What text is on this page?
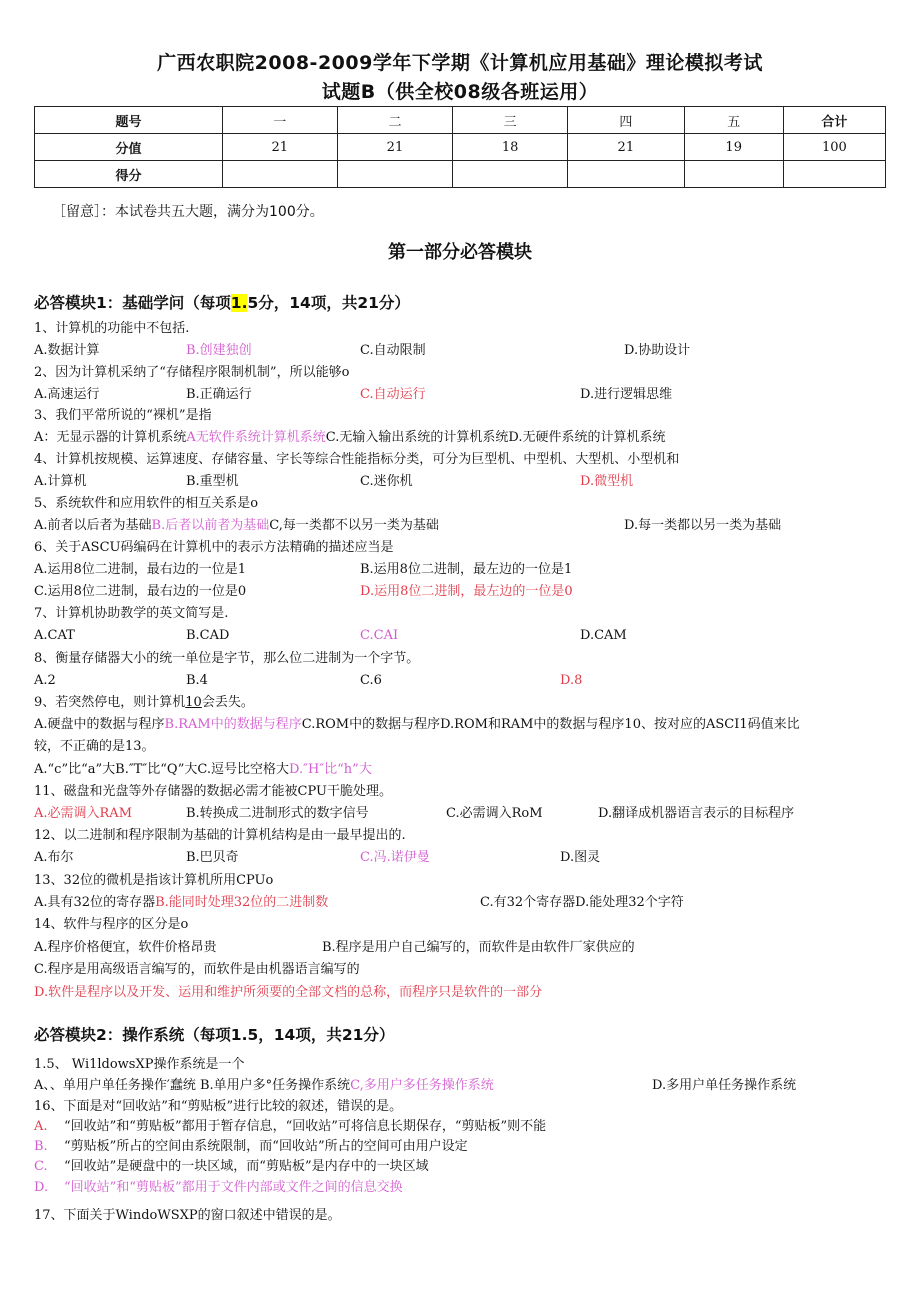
广西农职院2008-2009学年下学期《计算机应用基础》理论模拟考试
试题B（供全校08级各班运用）
题号	一	二	三	四	五	合计
分值	21	21	18	21	19	100
得分						
［留意］：本试卷共五大题，满分为100分。
第一部分必答模块
必答模块1：基础学问（每项1.5分，14项，共21分）
1、计算机的功能中不包括.
A.数据计算	B.创建独创	C.自动限制	D.协助设计
2、因为计算机采纳了“存储程序限制机制”，所以能够o
A.高速运行	B.正确运行	C.自动运行	D.进行逻辑思维
3、我们平常所说的“裸机”是指
A：无显示器的计算机系统A无软件系统计算机系统C.无输入输出系统的计算机系统D.无硬件系统的计算机系统
4、计算机按规模、运算速度、存储容量、字长等综合性能指标分类，可分为巨型机、中型机、大型机、小型机和
A.计算机	B.重型机	C.迷你机	D.微型机
5、系统软件和应用软件的相互关系是o
A.前者以后者为基础B.后者以前者为基础C,每一类都不以另一类为基础	D.每一类都以另一类为基础
6、关于ASCU码编码在计算机中的表示方法精确的描述应当是
A.运用8位二进制，最右边的一位是1	B.运用8位二进制，最左边的一位是1
C.运用8位二进制，最右边的一位是0	D.运用8位二进制，最左边的一位是0
7、计算机协助教学的英文简写是.
A.CAT	B.CAD	C.CAI	D.CAM
8、衡量存储器大小的统一单位是字节，那么位二进制为一个字节。
A.2	B.4	C.6	D.8
9、若突然停电，则计算机10会丢失。
A.硬盘中的数据与程序B.RAM中的数据与程序C.ROM中的数据与程序D.ROM和RAM中的数据与程序10、按对应的ASCI1码值来比
较，不正确的是13。
A.“c”比“a”大B.″T″比“Q”大C.逗号比空格大D.″H″比“h”大
11、磁盘和光盘等外存储器的数据必需才能被CPU干脆处理。
A.必需调入RAM	B.转换成二进制形式的数字信号	C.必需调入RoM	D.翻译成机器语言表示的目标程序
12、以二进制和程序限制为基础的计算机结构是由一最早提出的.
A.布尔	B.巴贝奇	C.冯.诺伊曼	D.图灵
13、32位的微机是指该计算机所用CPUo
A.具有32位的寄存器B.能同时处理32位的二进制数	C.有32个寄存器D.能处理32个字符
14、软件与程序的区分是o
A.程序价格便宜，软件价格昂贵	B.程序是用户自己编写的，而软件是由软件厂家供应的
C.程序是用高级语言编写的，而软件是由机器语言编写的
D.软件是程序以及开发、运用和维护所须要的全部文档的总称，而程序只是软件的一部分
必答模块2：操作系统（每项1.5，14项，共21分）
1.5、 Wi1ldowsXP操作系统是一个
A、、单用户单任务操作′蠢统 B.单用户多°任务操作系统C,多用户多任务操作系统	D.多用户单任务操作系统
16、下面是对“回收站”和“剪贴板”进行比较的叙述，错误的是。
A. “回收站”和“剪贴板”都用于暂存信息，“回收站”可将信息长期保存，“剪贴板”则不能
B. “剪贴板”所占的空间由系统限制，而“回收站”所占的空间可由用户设定
C. “回收站”是硬盘中的一块区域，而“剪贴板”是内存中的一块区域
D. “回收站”和“剪贴板”都用于文件内部或文件之间的信息交换
17、下面关于WindoWSXP的窗口叙述中错误的是。
